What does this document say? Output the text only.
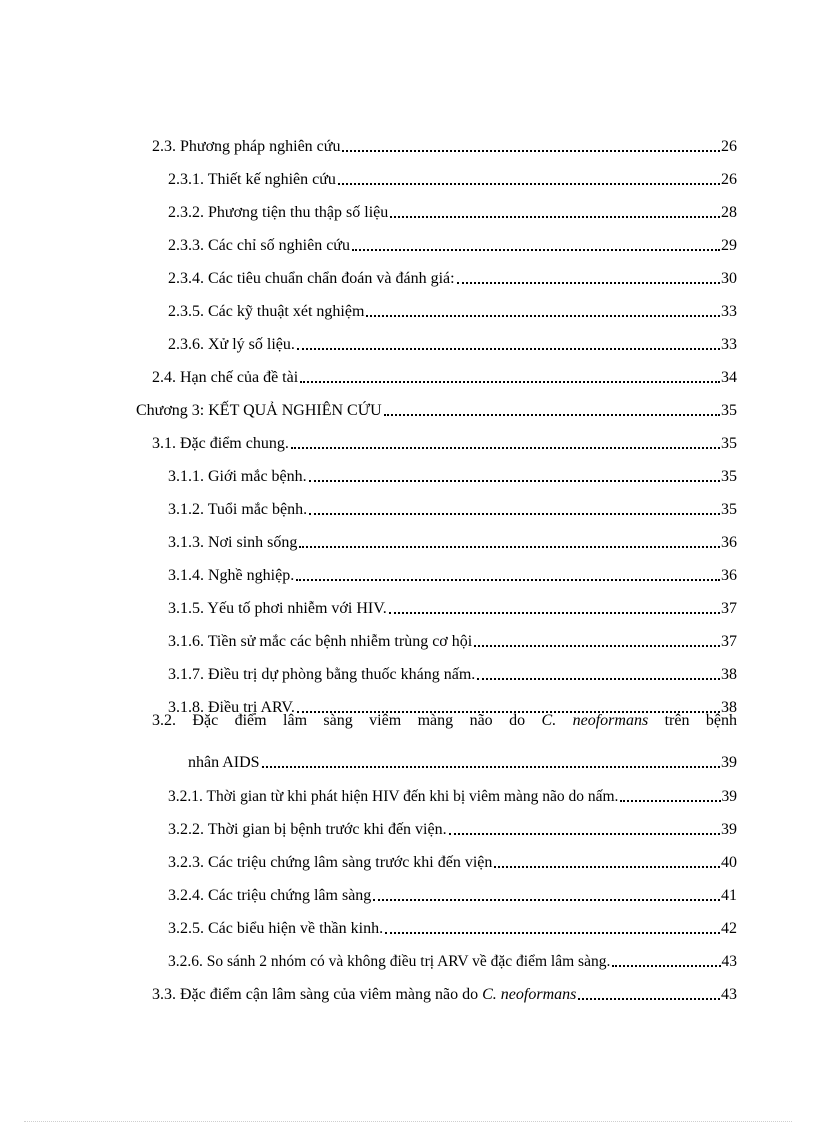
2.3. Phương pháp nghiên cứu	26
2.3.1. Thiết kế nghiên cứu	26
2.3.2. Phương tiện thu thập số liệu	28
2.3.3. Các chỉ số nghiên cứu	29
2.3.4. Các tiêu chuẩn chẩn đoán và đánh giá:	30
2.3.5. Các kỹ thuật xét nghiệm	33
2.3.6. Xử lý số liệu.	33
2.4. Hạn chế của đề tài	34
Chương 3: KẾT QUẢ NGHIÊN CỨU	35
3.1. Đặc điểm chung.	35
3.1.1. Giới mắc bệnh.	35
3.1.2. Tuổi mắc bệnh.	35
3.1.3. Nơi sinh sống	36
3.1.4. Nghề nghiệp.	36
3.1.5. Yếu tố phơi nhiễm với HIV.	37
3.1.6. Tiền sử mắc các bệnh nhiễm trùng cơ hội	37
3.1.7. Điều trị dự phòng bằng thuốc kháng nấm.	38
3.1.8. Điều trị ARV.	38
3.2. Đặc điểm lâm sàng viêm màng não do C. neoformans trên bệnh
nhân AIDS	39
3.2.1. Thời gian từ khi phát hiện HIV đến khi bị viêm màng não do nấm.	39
3.2.2. Thời gian bị bệnh trước khi đến viện.	39
3.2.3. Các triệu chứng lâm sàng trước khi đến viện	40
3.2.4. Các triệu chứng lâm sàng	41
3.2.5. Các biểu hiện về thần kinh.	42
3.2.6. So sánh 2 nhóm có và không điều trị ARV về đặc điểm lâm sàng.	43
3.3. Đặc điểm cận lâm sàng của viêm màng não do C. neoformans	43
